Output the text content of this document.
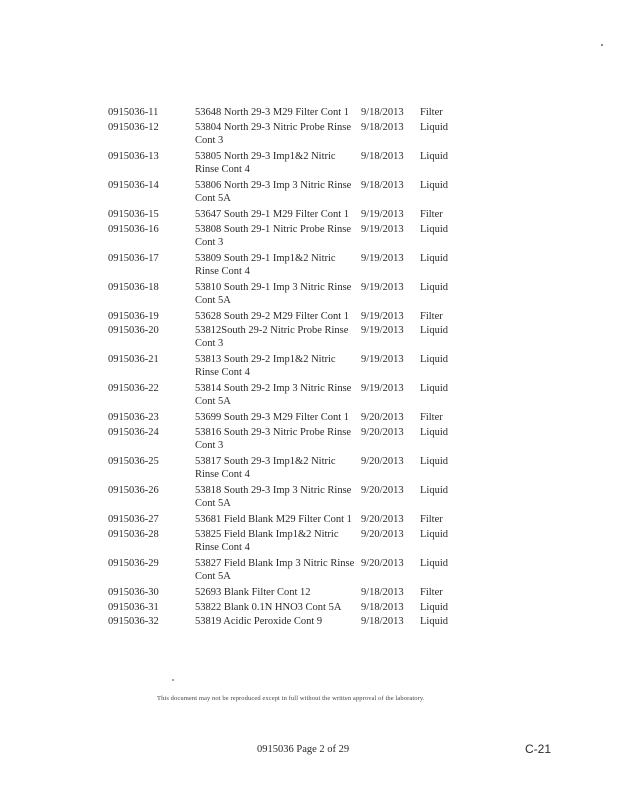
0915036-11	53648 North 29-3 M29 Filter Cont 1	9/18/2013	Filter
0915036-12	53804 North 29-3 Nitric Probe Rinse Cont 3	9/18/2013	Liquid
0915036-13	53805 North 29-3 Imp1&2 Nitric Rinse Cont 4	9/18/2013	Liquid
0915036-14	53806 North 29-3 Imp 3 Nitric Rinse Cont 5A	9/18/2013	Liquid
0915036-15	53647 South 29-1 M29 Filter Cont 1	9/19/2013	Filter
0915036-16	53808 South 29-1 Nitric Probe Rinse Cont 3	9/19/2013	Liquid
0915036-17	53809 South 29-1 Imp1&2 Nitric Rinse Cont 4	9/19/2013	Liquid
0915036-18	53810 South 29-1 Imp 3 Nitric Rinse Cont 5A	9/19/2013	Liquid
0915036-19	53628 South 29-2 M29 Filter Cont 1	9/19/2013	Filter
0915036-20	53812South 29-2 Nitric Probe Rinse Cont 3	9/19/2013	Liquid
0915036-21	53813 South 29-2 Imp1&2 Nitric Rinse Cont 4	9/19/2013	Liquid
0915036-22	53814 South 29-2 Imp 3 Nitric Rinse Cont 5A	9/19/2013	Liquid
0915036-23	53699 South 29-3 M29 Filter Cont 1	9/20/2013	Filter
0915036-24	53816 South 29-3 Nitric Probe Rinse Cont 3	9/20/2013	Liquid
0915036-25	53817 South 29-3 Imp1&2 Nitric Rinse Cont 4	9/20/2013	Liquid
0915036-26	53818 South 29-3 Imp 3 Nitric Rinse Cont 5A	9/20/2013	Liquid
0915036-27	53681 Field Blank M29 Filter Cont 1	9/20/2013	Filter
0915036-28	53825 Field Blank Imp1&2 Nitric Rinse Cont 4	9/20/2013	Liquid
0915036-29	53827 Field Blank Imp 3 Nitric Rinse Cont 5A	9/20/2013	Liquid
0915036-30	52693 Blank Filter Cont 12	9/18/2013	Filter
0915036-31	53822 Blank 0.1N HNO3 Cont 5A	9/18/2013	Liquid
0915036-32	53819 Acidic Peroxide Cont 9	9/18/2013	Liquid
This document may not be reproduced except in full without the written approval of the laboratory.
0915036 Page 2 of 29	C-21
